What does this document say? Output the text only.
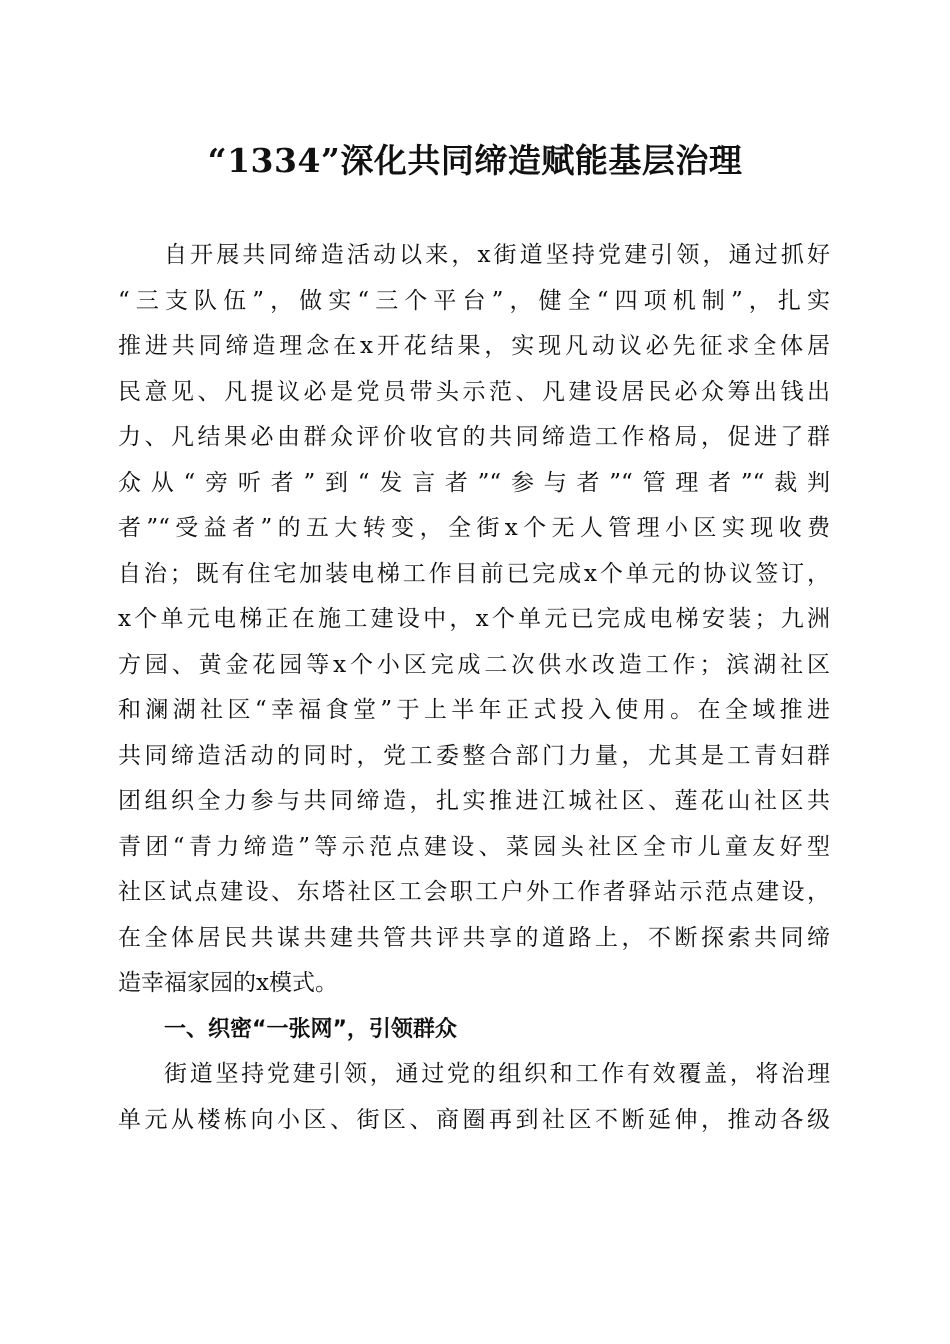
“1334”深化共同缔造赋能基层治理
自开展共同缔造活动以来，x街道坚持党建引领，通过抓好
“三支队伍”，做实“三个平台”，健全“四项机制”，扎实
推进共同缔造理念在x开花结果，实现凡动议必先征求全体居
民意见、凡提议必是党员带头示范、凡建设居民必众筹出钱出
力、凡结果必由群众评价收官的共同缔造工作格局，促进了群
众从“旁听者”到“发言者”“参与者”“管理者”“裁判
者”“受益者”的五大转变，全街x个无人管理小区实现收费
自治；既有住宅加装电梯工作目前已完成x个单元的协议签订，
x个单元电梯正在施工建设中，x个单元已完成电梯安装；九洲
方园、黄金花园等x个小区完成二次供水改造工作；滨湖社区
和澜湖社区“幸福食堂”于上半年正式投入使用。在全域推进
共同缔造活动的同时，党工委整合部门力量，尤其是工青妇群
团组织全力参与共同缔造，扎实推进江城社区、莲花山社区共
青团“青力缔造”等示范点建设、菜园头社区全市儿童友好型
社区试点建设、东塔社区工会职工户外工作者驿站示范点建设，
在全体居民共谋共建共管共评共享的道路上，不断探索共同缔
造幸福家园的x模式。
一、织密“一张网”，引领群众
街道坚持党建引领，通过党的组织和工作有效覆盖，将治理
单元从楼栋向小区、街区、商圈再到社区不断延伸，推动各级
